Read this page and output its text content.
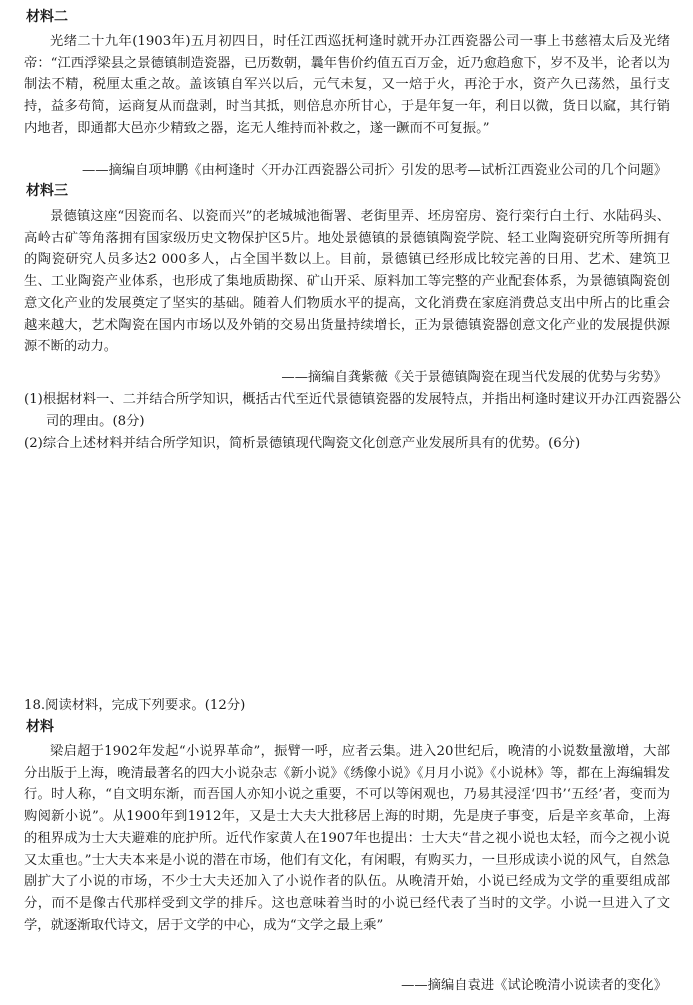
材料二

光绪二十九年(1903年)五月初四日，时任江西巡抚柯逢时就开办江西瓷器公司一事上书慈禧太后及光绪帝：“江西浮梁县之景德镇制造瓷器，已历数朝，曩年售价约值五百万金，近乃愈趋愈下，岁不及半，论者以为制法不精，税厘太重之故。盖该镇自军兴以后，元气未复，又一焙于火，再沦于水，资产久已荡然，虽行支持，益多苟简，运商复从而盘剥，时当其抵，则倍息亦所甘心，于是年复一年，利日以微，货日以窳，其行销内地者，即通都大邑亦少精致之器，迄无人维持而补救之，遂一蹶而不可复振。”

——摘编自项坤鹏《由柯逢时〈开办江西瓷器公司折〉引发的思考—试析江西瓷业公司的几个问题》
材料三

景德镇这座“因瓷而名、以瓷而兴”的老城城池衙署、老街里弄、坯房窑房、瓷行栾行白土行、水陆码头、高岭古矿等角落拥有国家级历史文物保护区5片。地处景德镇的景德镇陶瓷学院、轻工业陶瓷研究所等所拥有的陶瓷研究人员多达2 000多人，占全国半数以上。目前，景德镇已经形成比较完善的日用、艺术、建筑卫生、工业陶瓷产业体系，也形成了集地质勘探、矿山开采、原料加工等完整的产业配套体系，为景德镇陶瓷创意文化产业的发展奠定了坚实的基础。随着人们物质水平的提高，文化消费在家庭消费总支出中所占的比重会越来越大，艺术陶瓷在国内市场以及外销的交易出货量持续增长，正为景德镇瓷器创意文化产业的发展提供源源不断的动力。

——摘编自龚紫薇《关于景德镇陶瓷在现当代发展的优势与劣势》

(1)根据材料一、二并结合所学知识，概括古代至近代景德镇瓷器的发展特点，并指出柯逢时建议开办江西瓷器公司的理由。(8分)

(2)综合上述材料并结合所学知识，简析景德镇现代陶瓷文化创意产业发展所具有的优势。(6分)

18.阅读材料，完成下列要求。(12分)
材料

梁启超于1902年发起“小说界革命”，振臂一呼，应者云集。进入20世纪后，晚清的小说数量激增，大部分出版于上海，晚清最著名的四大小说杂志《新小说》《绣像小说》《月月小说》《小说林》等，都在上海编辑发行。时人称，“自文明东渐，而吾国人亦知小说之重要，不可以等闲观也，乃易其浸淫‘四书’‘五经’者，变而为购阅新小说”。从1900年到1912年，又是士大夫大批移居上海的时期，先是庚子事变，后是辛亥革命，上海的租界成为士大夫避难的庇护所。近代作家黄人在1907年也提出：士大夫“昔之视小说也太轻，而今之视小说又太重也。”士大夫本来是小说的潜在市场，他们有文化，有闲暇，有购买力，一旦形成读小说的风气，自然急剧扩大了小说的市场，不少士大夫还加入了小说作者的队伍。从晚清开始，小说已经成为文学的重要组成部分，而不是像古代那样受到文学的排斥。这也意味着当时的小说已经代表了当时的文学。小说一旦进入了文学，就逐渐取代诗文，居于文学的中心，成为“文学之最上乘”

——摘编自袁进《试论晚清小说读者的变化》
